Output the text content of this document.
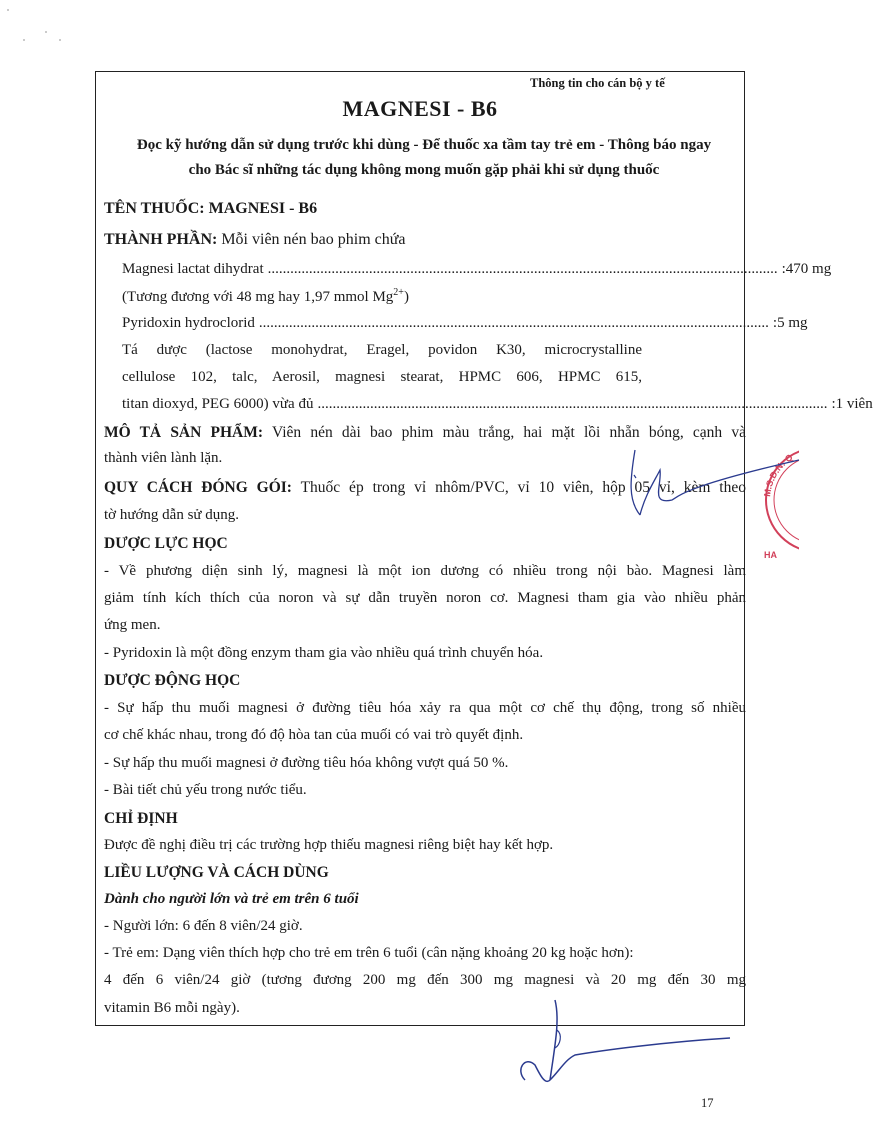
Thông tin cho cán bộ y tế
MAGNESI - B6
Đọc kỹ hướng dẫn sử dụng trước khi dùng - Để thuốc xa tầm tay trẻ em - Thông báo ngay
cho Bác sĩ những tác dụng không mong muốn gặp phải khi sử dụng thuốc
TÊN THUỐC: MAGNESI - B6
THÀNH PHẦN: Mỗi viên nén bao phim chứa
Magnesi lactat dihydrat ........................................................................................................................................ : 470 mg
(Tương đương với 48 mg hay 1,97 mmol $Mg^{2+}$)
Pyridoxin hydroclorid ........................................................................................................................................ : 5 mg
Tá dược (lactose monohydrat, Eragel, povidon K30, microcrystalline
cellulose 102, talc, Aerosil, magnesi stearat, HPMC 606, HPMC 615,
titan dioxyd, PEG 6000) vừa đủ ........................................................................................................................................ : 1 viên
MÔ TẢ SẢN PHẨM: Viên nén dài bao phim màu trắng, hai mặt lồi nhẵn bóng, cạnh và
thành viên lành lặn.
QUY CÁCH ĐÓNG GÓI: Thuốc ép trong vỉ nhôm/PVC, vỉ 10 viên, hộp 05 vỉ, kèm theo
tờ hướng dẫn sử dụng.
DƯỢC LỰC HỌC
- Về phương diện sinh lý, magnesi là một ion dương có nhiều trong nội bào. Magnesi làm
giảm tính kích thích của noron và sự dẫn truyền noron cơ. Magnesi tham gia vào nhiều phản
ứng men.
- Pyridoxin là một đồng enzym tham gia vào nhiều quá trình chuyển hóa.
DƯỢC ĐỘNG HỌC
- Sự hấp thu muối magnesi ở đường tiêu hóa xảy ra qua một cơ chế thụ động, trong số nhiều
cơ chế khác nhau, trong đó độ hòa tan của muối có vai trò quyết định.
- Sự hấp thu muối magnesi ở đường tiêu hóa không vượt quá 50 %.
- Bài tiết chủ yếu trong nước tiểu.
CHỈ ĐỊNH
Được đề nghị điều trị các trường hợp thiếu magnesi riêng biệt hay kết hợp.
LIỀU LƯỢNG VÀ CÁCH DÙNG
Dành cho người lớn và trẻ em trên 6 tuổi
- Người lớn: 6 đến 8 viên/24 giờ.
- Trẻ em: Dạng viên thích hợp cho trẻ em trên 6 tuổi (cân nặng khoảng 20 kg hoặc hơn):
4 đến 6 viên/24 giờ (tương đương 200 mg đến 300 mg magnesi và 20 mg đến 30 mg
vitamin B6 mỗi ngày).
M.S.D.N: Q
HA
17
